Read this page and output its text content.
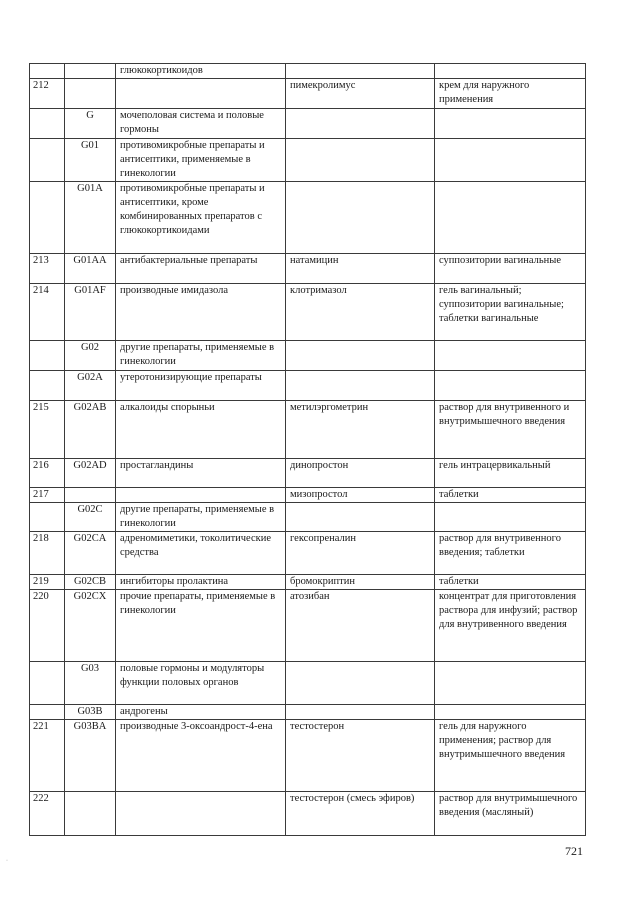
		глюкокортикоидов		
212			пимекролимус	крем для наружного применения
	G	мочеполовая система и половые гормоны		
	G01	противомикробные препараты и антисептики, применяемые в гинекологии		
	G01A	противомикробные препараты и антисептики, кроме комбинированных препаратов с глюкокортикоидами		
213	G01AA	антибактериальные препараты	натамицин	суппозитории вагинальные
214	G01AF	производные имидазола	клотримазол	гель вагинальный; суппозитории вагинальные; таблетки вагинальные
	G02	другие препараты, применяемые в гинекологии		
	G02A	утеротонизирующие препараты		
215	G02AB	алкалоиды спорыньи	метилэргометрин	раствор для внутривенного и внутримышечного введения
216	G02AD	простагландины	динопростон	гель интрацервикальный
217			мизопростол	таблетки
	G02C	другие препараты, применяемые в гинекологии		
218	G02CA	адреномиметики, токолитические средства	гексопреналин	раствор для внутривенного введения; таблетки
219	G02CB	ингибиторы пролактина	бромокриптин	таблетки
220	G02CX	прочие препараты, применяемые в гинекологии	атозибан	концентрат для приготовления раствора для инфузий; раствор для внутривенного введения
	G03	половые гормоны и модуляторы функции половых органов		
	G03B	андрогены		
221	G03BA	производные 3-оксоандрост-4-ена	тестостерон	гель для наружного применения; раствор для внутримышечного введения
222			тестостерон (смесь эфиров)	раствор для внутримышечного введения (масляный)
721
·
